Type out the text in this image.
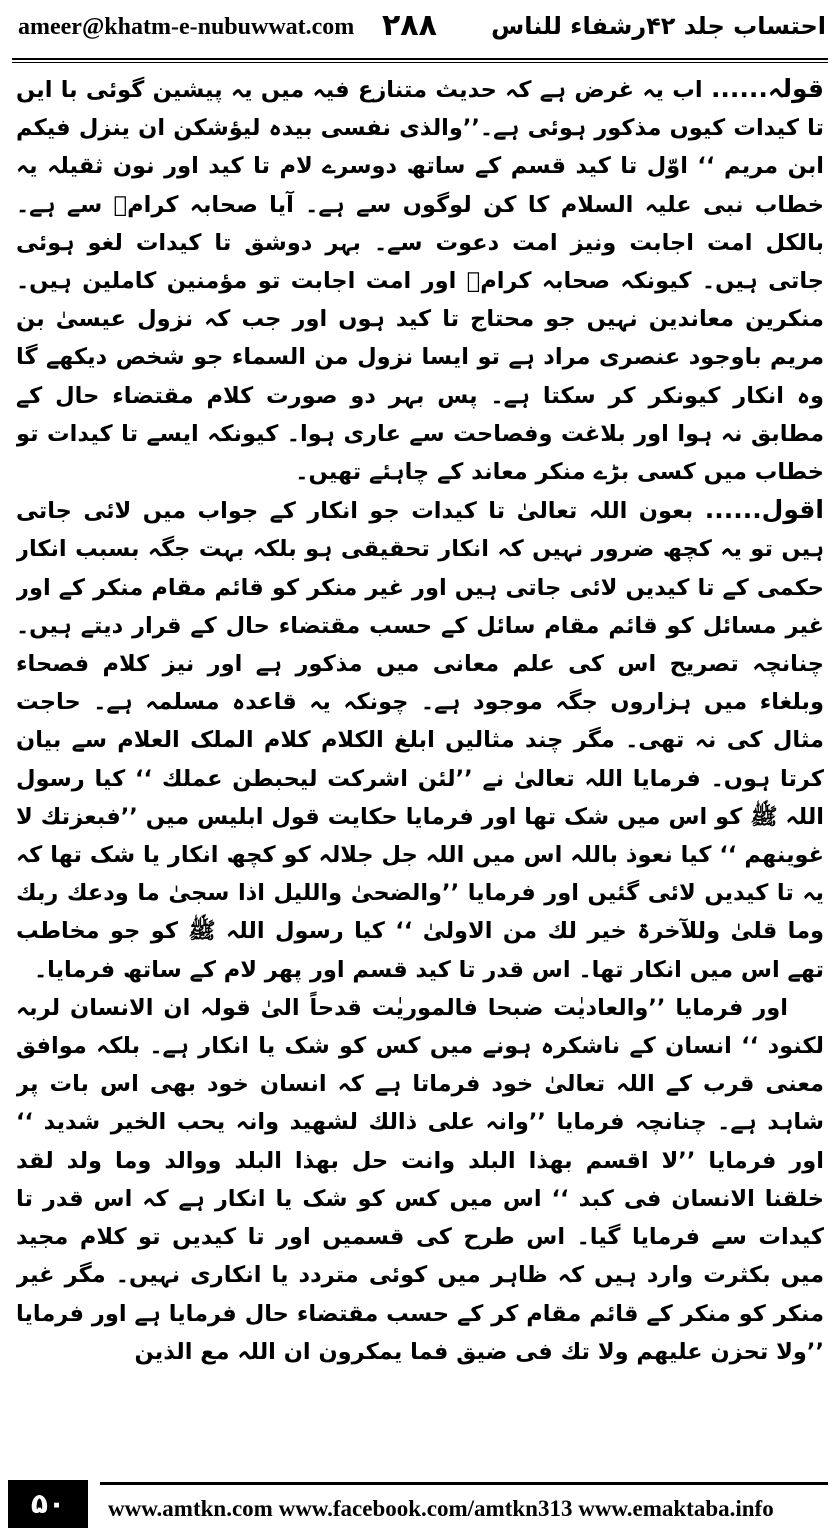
ameer@khatm-e-nubuwwat.com ۲۸۸ احتساب جلد ۴۲رشفاء للناس

قولہ...... اب یہ غرض ہے کہ حدیث متنازع فیہ میں یہ پیشین گوئی با ایں تا کیدات کیوں مذکور ہوئی ہے۔’’والذی نفسی بیدہ لیؤشکن ان ینزل فیکم ابن مریم ‘‘ اوّل تا کید قسم کے ساتھ دوسرے لام تا کید اور نون ثقیلہ یہ خطاب نبی علیہ السلام کا کن لوگوں سے ہے۔ آیا صحابہ کرامؓ سے ہے۔ بالکل امت اجابت ونیز امت دعوت سے۔ بہر دوشق تا کیدات لغو ہوئی جاتی ہیں۔ کیونکہ صحابہ کرامؓ اور امت اجابت تو مؤمنین کاملین ہیں۔ منکرین معاندین نہیں جو محتاج تا کید ہوں اور جب کہ نزول عیسیٰ بن مریم باوجود عنصری مراد ہے تو ایسا نزول من السماء جو شخص دیکھے گا وہ انکار کیونکر کر سکتا ہے۔ پس بہر دو صورت کلام مقتضاء حال کے مطابق نہ ہوا اور بلاغت وفصاحت سے عاری ہوا۔ کیونکہ ایسے تا کیدات تو خطاب میں کسی بڑے منکر معاند کے چاہئے تھیں۔

اقول...... بعون اللہ تعالیٰ تا کیدات جو انکار کے جواب میں لائی جاتی ہیں تو یہ کچھ ضرور نہیں کہ انکار تحقیقی ہو بلکہ بہت جگہ بسبب انکار حکمی کے تا کیدیں لائی جاتی ہیں اور غیر منکر کو قائم مقام منکر کے اور غیر مسائل کو قائم مقام سائل کے حسب مقتضاء حال کے قرار دیتے ہیں۔ چنانچہ تصریح اس کی علم معانی میں مذکور ہے اور نیز کلام فصحاء وبلغاء میں ہزاروں جگہ موجود ہے۔ چونکہ یہ قاعدہ مسلمہ ہے۔ حاجت مثال کی نہ تھی۔ مگر چند مثالیں ابلغ الکلام کلام الملک العلام سے بیان کرتا ہوں۔ فرمایا اللہ تعالیٰ نے ’’لئن اشرکت لیحبطن عملك ‘‘ کیا رسول اللہ ﷺ کو اس میں شک تھا اور فرمایا حکایت قول ابلیس میں ’’فبعزتك لا غوینھم ‘‘ کیا نعوذ باللہ اس میں اللہ جل جلالہ کو کچھ انکار یا شک تھا کہ یہ تا کیدیں لائی گئیں اور فرمایا ’’والضحیٰ واللیل اذا سجیٰ ما ودعك ربك وما قلیٰ وللآخرۃ خیر لك من الاولیٰ ‘‘ کیا رسول اللہ ﷺ کو جو مخاطب تھے اس میں انکار تھا۔ اس قدر تا کید قسم اور پھر لام کے ساتھ فرمایا۔

اور فرمایا ’’والعادیٰت ضبحا فالموریٰت قدحاً الیٰ قولہ ان الانسان لربہ لکنود ‘‘ انسان کے ناشکرہ ہونے میں کس کو شک یا انکار ہے۔ بلکہ موافق معنی قرب کے اللہ تعالیٰ خود فرماتا ہے کہ انسان خود بھی اس بات پر شاہد ہے۔ چنانچہ فرمایا ’’وانہ علی ذالك لشھید وانہ یحب الخیر شدید ‘‘ اور فرمایا ’’لا اقسم بھذا البلد وانت حل بھذا البلد ووالد وما ولد لقد خلقنا الانسان فی کبد ‘‘ اس میں کس کو شک یا انکار ہے کہ اس قدر تا کیدات سے فرمایا گیا۔ اس طرح کی قسمیں اور تا کیدیں تو کلام مجید میں بکثرت وارد ہیں کہ ظاہر میں کوئی متردد یا انکاری نہیں۔ مگر غیر منکر کو منکر کے قائم مقام کر کے حسب مقتضاء حال فرمایا ہے اور فرمایا ’’ولا تحزن علیھم ولا تك فی ضیق فما یمکرون ان اللہ مع الذین

۵۰	www.amtkn.com www.facebook.com/amtkn313 www.emaktaba.info
